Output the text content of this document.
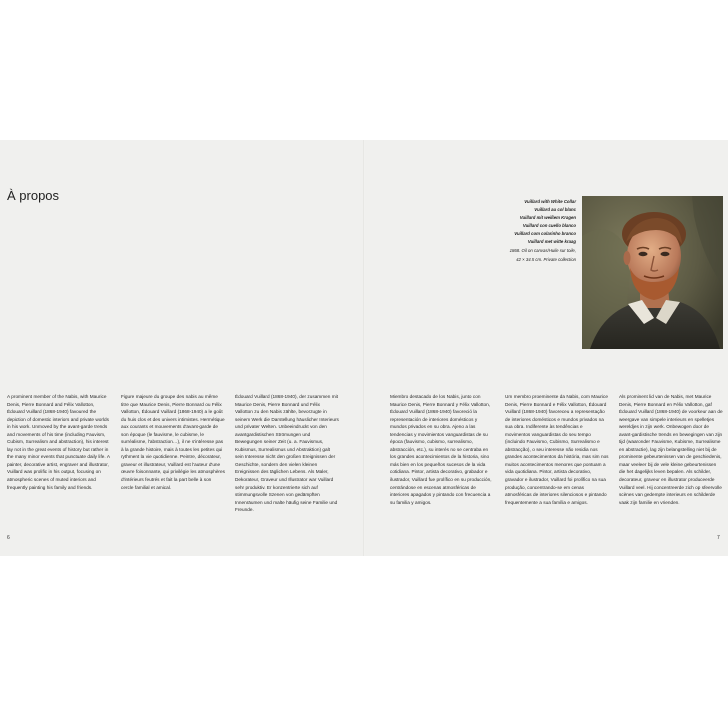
À propos	Vuillard with White Collar
Vuillard au col blanc
Vuillard mit weißem Kragen
Vuillard con cuello blanco
Vuillard com colarinho branco
Vuillard met witte kraag
1868. Oil on canvas/Huile sur toile,
42 × 34.5 cm. Private collection
A prominent member of the Nabis, with Maurice Denis, Pierre Bonnard and Félix Vallotton, Édouard Vuillard (1868-1940) favoured the depiction of domestic interiors and private worlds in his work. Unmoved by the avant-garde trends and movements of his time (including Fauvism, Cubism, Surrealism and abstraction), his interest lay not in the great events of history but rather in the many minor events that punctuate daily life. A painter, decorative artist, engraver and illustrator, Vuillard was prolific in his output, focusing on atmospheric scenes of muted interiors and frequently painting his family and friends.
Figure majeure du groupe des nabis au même titre que Maurice Denis, Pierre Bonnard ou Félix Vallotton, Édouard Vuillard (1868-1940) a le goût du huis clos et des univers intimistes. Hermétique aux courants et mouvements d'avant-garde de son époque (le fauvisme, le cubisme, le surréalisme, l'abstraction…), il ne s'intéresse pas à la grande histoire, mais à toutes les petites qui rythment la vie quotidienne. Peintre, décorateur, graveur et illustrateur, Vuillard est l'auteur d'une œuvre foisonnante, qui privilégie les atmosphères d'intérieurs feutrés et fait la part belle à son cercle familial et amical.
Édouard Vuillard (1868-1940), der zusammen mit Maurice Denis, Pierre Bonnard und Félix Vallotton zu den Nabis zählte, bevorzugte in seinem Werk die Darstellung häuslicher Interieurs und privater Welten. Unbeeindruckt von den avantgardistischen Strömungen und Bewegungen seiner Zeit (u. a. Fauvismus, Kubismus, Surrealismus und Abstraktion) galt sein Interesse nicht den großen Ereignissen der Geschichte, sondern den vielen kleinen Ereignissen des täglichen Lebens. Als Maler, Dekorateur, Graveur und Illustrator war Vuillard sehr produktiv. Er konzentrierte sich auf stimmungsvolle Szenen von gedämpften Innenräumen und malte häufig seine Familie und Freunde.
Miembro destacado de los Nabis, junto con Maurice Denis, Pierre Bonnard y Félix Vallotton, Édouard Vuillard (1868-1940) favoreció la representación de interiores domésticos y mundos privados en su obra. Ajeno a las tendencias y movimientos vanguardistas de su época (fauvismo, cubismo, surrealismo, abstracción, etc.), su interés no se centraba en los grandes acontecimientos de la historia, sino más bien en los pequeños sucesos de la vida cotidiana. Pintor, artista decorativo, grabador e ilustrador, Vuillard fue prolífico en su producción, centrándose en escenas atmosféricas de interiores apagados y pintando con frecuencia a su familia y amigos.
Um membro proeminente da Nabis, com Maurice Denis, Pierre Bonnard e Félix Vallotton, Édouard Vuillard (1868-1940) favoreceu a representação de interiores domésticos e mundos privados na sua obra. Indiferente às tendências e movimentos vanguardistas do seu tempo (incluindo Fauvismo, Cubismo, Surrealismo e abstracção), o seu interesse não residia nos grandes acontecimentos da história, mas sim nos muitos acontecimentos menores que pontuam a vida quotidiana. Pintor, artista decorativo, gravador e ilustrador, Vuillard foi prolífico na sua produção, concentrando-se em cenas atmosféricas de interiores silenciosos e pintando frequentemente a sua família e amigos.
Als prominent lid van de Nabis, met Maurice Denis, Pierre Bonnard en Félix Vallotton, gaf Édouard Vuillard (1868-1940) de voorkeur aan de weergave van simpele interieurs en spelletjes wereldjes in zijn werk. Onbewogen door de avant-gardistische trends en bewegingen van zijn tijd (waaronder Fauvisme, Kubisme, Surrealisme en abstractie), lag zijn belangstelling niet bij de prominente gebeurtenissen van de geschiedenis, maar veeleer bij de vele kleine gebeurtenissen die het dagelijks leven bepalen. Als schilder, decorateur, graveur en illustrator produceerde Vuillard veel. Hij concentreerde zich op sfeervolle scènes van gedempte interieurs en schilderde vaak zijn familie en vrienden.
6	7
